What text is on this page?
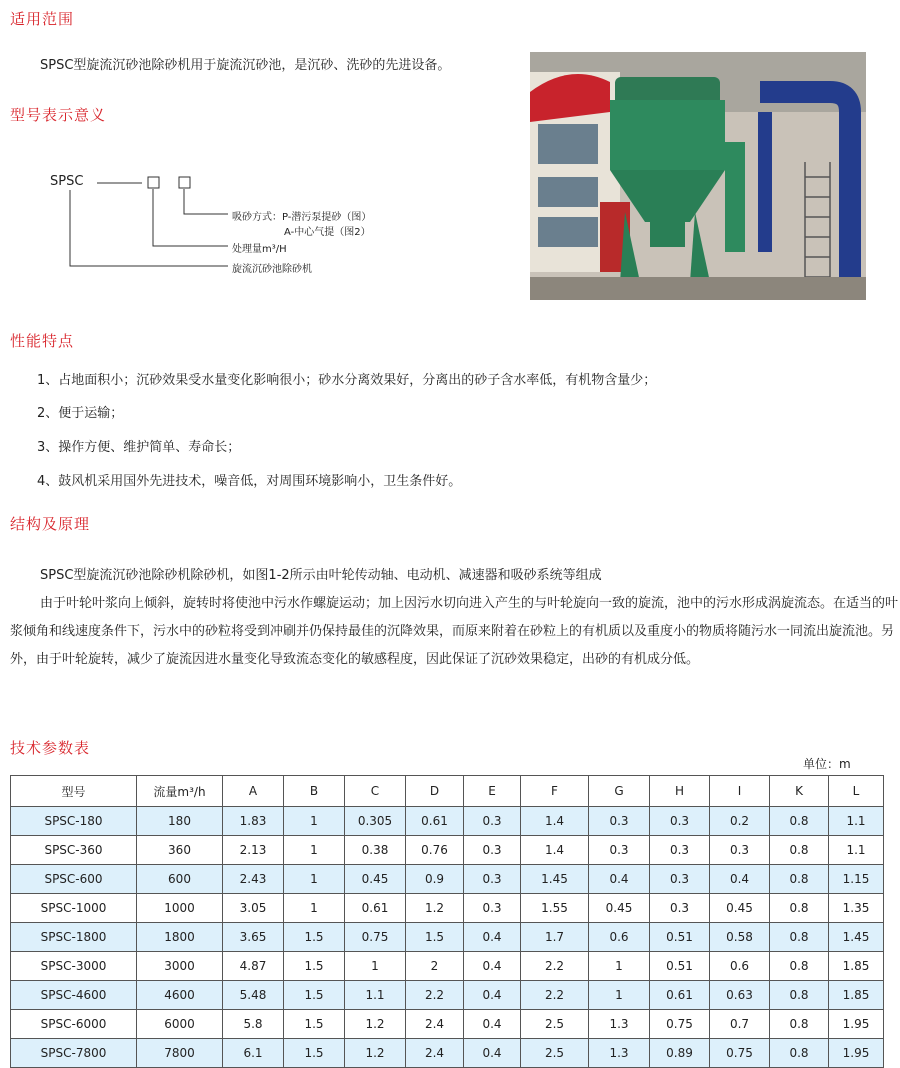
适用范围

SPSC型旋流沉砂池除砂机用于旋流沉砂池，是沉砂、洗砂的先进设备。

型号表示意义
SPSC
吸砂方式：P-潜污泵提砂（图）
A-中心气提（图2）
处理量m³/H
旋流沉砂池除砂机
性能特点

1、占地面积小；沉砂效果受水量变化影响很小；砂水分离效果好，分离出的砂子含水率低，有机物含量少；

2、便于运输；

3、操作方便、维护简单、寿命长；

4、鼓风机采用国外先进技术，噪音低，对周围环境影响小，卫生条件好。

结构及原理

SPSC型旋流沉砂池除砂机除砂机，如图1-2所示由叶轮传动轴、电动机、减速器和吸砂系统等组成

由于叶轮叶浆向上倾斜，旋转时将使池中污水作螺旋运动；加上因污水切向进入产生的与叶轮旋向一致的旋流，池中的污水形成涡旋流态。在适当的叶浆倾角和线速度条件下，污水中的砂粒将受到冲刷并仍保持最佳的沉降效果，而原来附着在砂粒上的有机质以及重度小的物质将随污水一同流出旋流池。另外，由于叶轮旋转，减少了旋流因进水量变化导致流态变化的敏感程度，因此保证了沉砂效果稳定，出砂的有机成分低。

技术参数表
单位：m
型号	流量m³/h	A	B	C	D	E	F	G	H	I	K	L
SPSC-180	180	1.83	1	0.305	0.61	0.3	1.4	0.3	0.3	0.2	0.8	1.1
SPSC-360	360	2.13	1	0.38	0.76	0.3	1.4	0.3	0.3	0.3	0.8	1.1
SPSC-600	600	2.43	1	0.45	0.9	0.3	1.45	0.4	0.3	0.4	0.8	1.15
SPSC-1000	1000	3.05	1	0.61	1.2	0.3	1.55	0.45	0.3	0.45	0.8	1.35
SPSC-1800	1800	3.65	1.5	0.75	1.5	0.4	1.7	0.6	0.51	0.58	0.8	1.45
SPSC-3000	3000	4.87	1.5	1	2	0.4	2.2	1	0.51	0.6	0.8	1.85
SPSC-4600	4600	5.48	1.5	1.1	2.2	0.4	2.2	1	0.61	0.63	0.8	1.85
SPSC-6000	6000	5.8	1.5	1.2	2.4	0.4	2.5	1.3	0.75	0.7	0.8	1.95
SPSC-7800	7800	6.1	1.5	1.2	2.4	0.4	2.5	1.3	0.89	0.75	0.8	1.95
